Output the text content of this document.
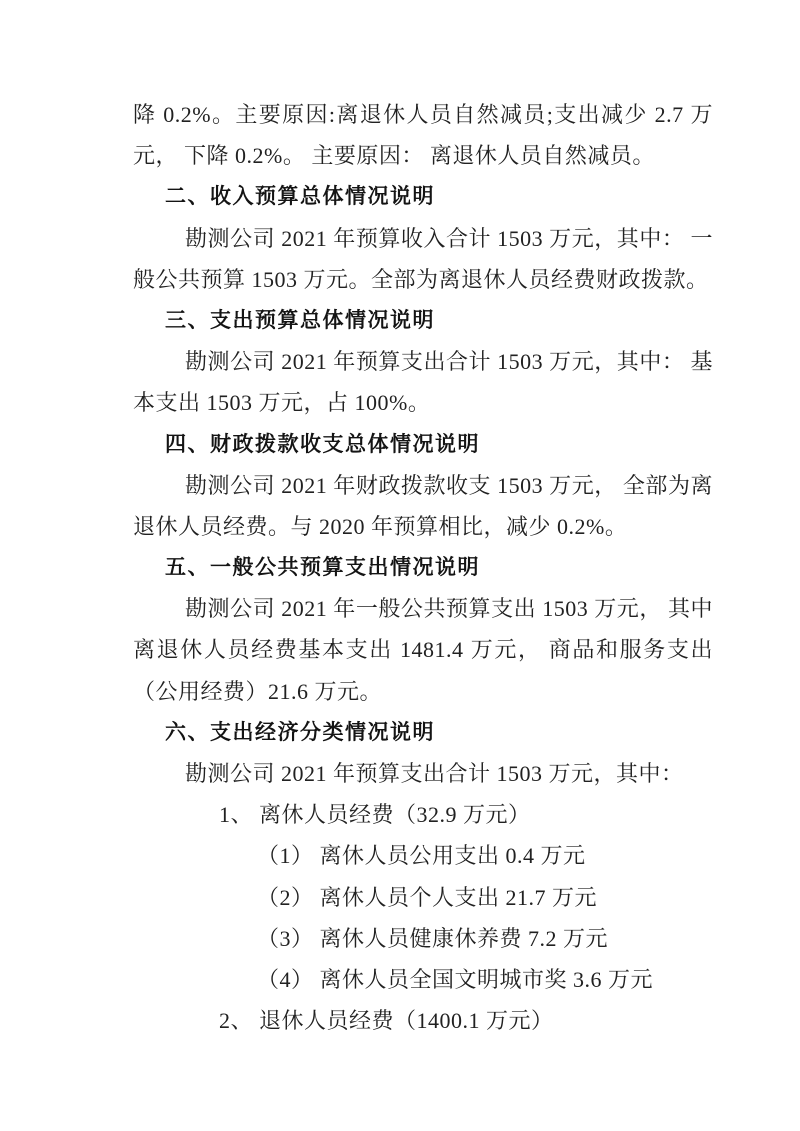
降 0.2%。主要原因:离退休人员自然减员;支出减少 2.7 万
元， 下降 0.2%。 主要原因： 离退休人员自然减员。
二、收入预算总体情况说明
勘测公司 2021 年预算收入合计 1503 万元，其中： 一
般公共预算 1503 万元。全部为离退休人员经费财政拨款。
三、支出预算总体情况说明
勘测公司 2021 年预算支出合计 1503 万元，其中： 基
本支出 1503 万元，占 100%。
四、财政拨款收支总体情况说明
勘测公司 2021 年财政拨款收支 1503 万元， 全部为离
退休人员经费。与 2020 年预算相比，减少 0.2%。
五、一般公共预算支出情况说明
勘测公司 2021 年一般公共预算支出 1503 万元， 其中
离退休人员经费基本支出 1481.4 万元， 商品和服务支出
（公用经费）21.6 万元。
六、支出经济分类情况说明
勘测公司 2021 年预算支出合计 1503 万元，其中：
1、 离休人员经费（32.9 万元）
（1） 离休人员公用支出 0.4 万元
（2） 离休人员个人支出 21.7 万元
（3） 离休人员健康休养费 7.2 万元
（4） 离休人员全国文明城市奖 3.6 万元
2、 退休人员经费（1400.1 万元）
